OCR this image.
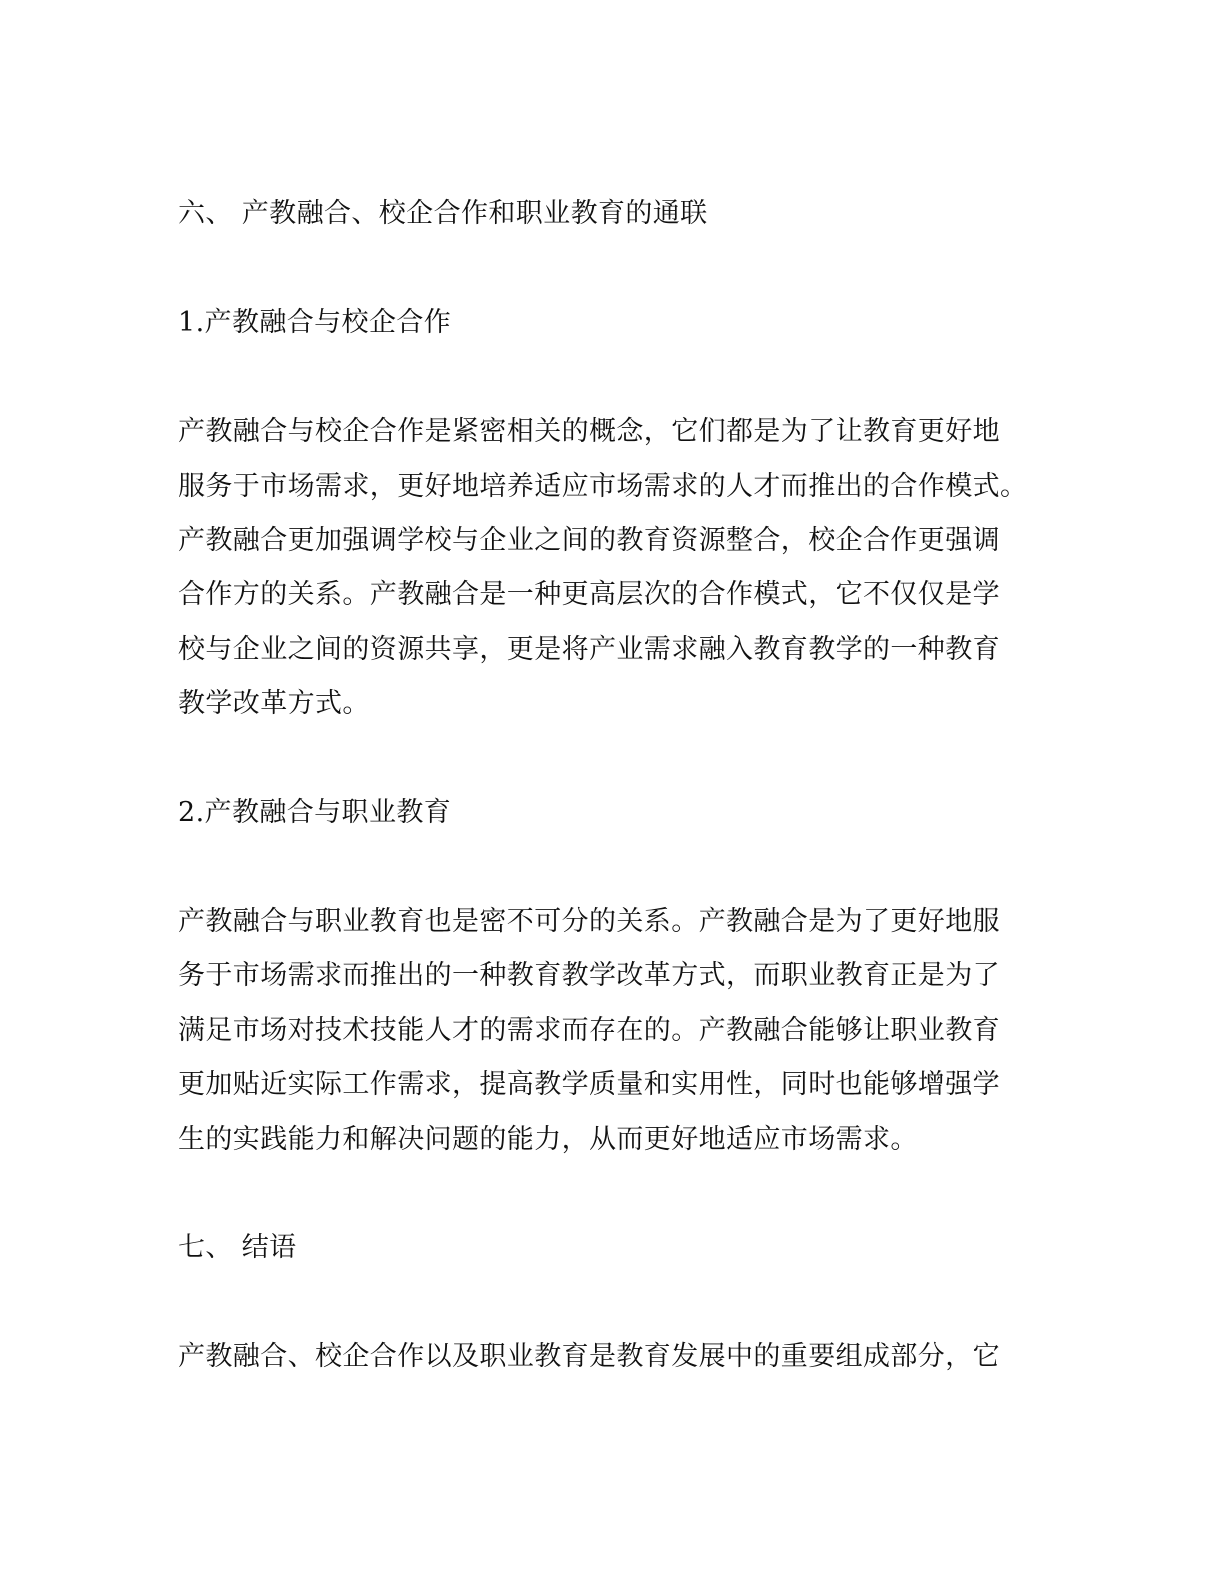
六、 产教融合、校企合作和职业教育的通联
1.产教融合与校企合作
产教融合与校企合作是紧密相关的概念，它们都是为了让教育更好地
服务于市场需求，更好地培养适应市场需求的人才而推出的合作模式。
产教融合更加强调学校与企业之间的教育资源整合，校企合作更强调
合作方的关系。产教融合是一种更高层次的合作模式，它不仅仅是学
校与企业之间的资源共享，更是将产业需求融入教育教学的一种教育
教学改革方式。
2.产教融合与职业教育
产教融合与职业教育也是密不可分的关系。产教融合是为了更好地服
务于市场需求而推出的一种教育教学改革方式，而职业教育正是为了
满足市场对技术技能人才的需求而存在的。产教融合能够让职业教育
更加贴近实际工作需求，提高教学质量和实用性，同时也能够增强学
生的实践能力和解决问题的能力，从而更好地适应市场需求。
七、 结语
产教融合、校企合作以及职业教育是教育发展中的重要组成部分，它
